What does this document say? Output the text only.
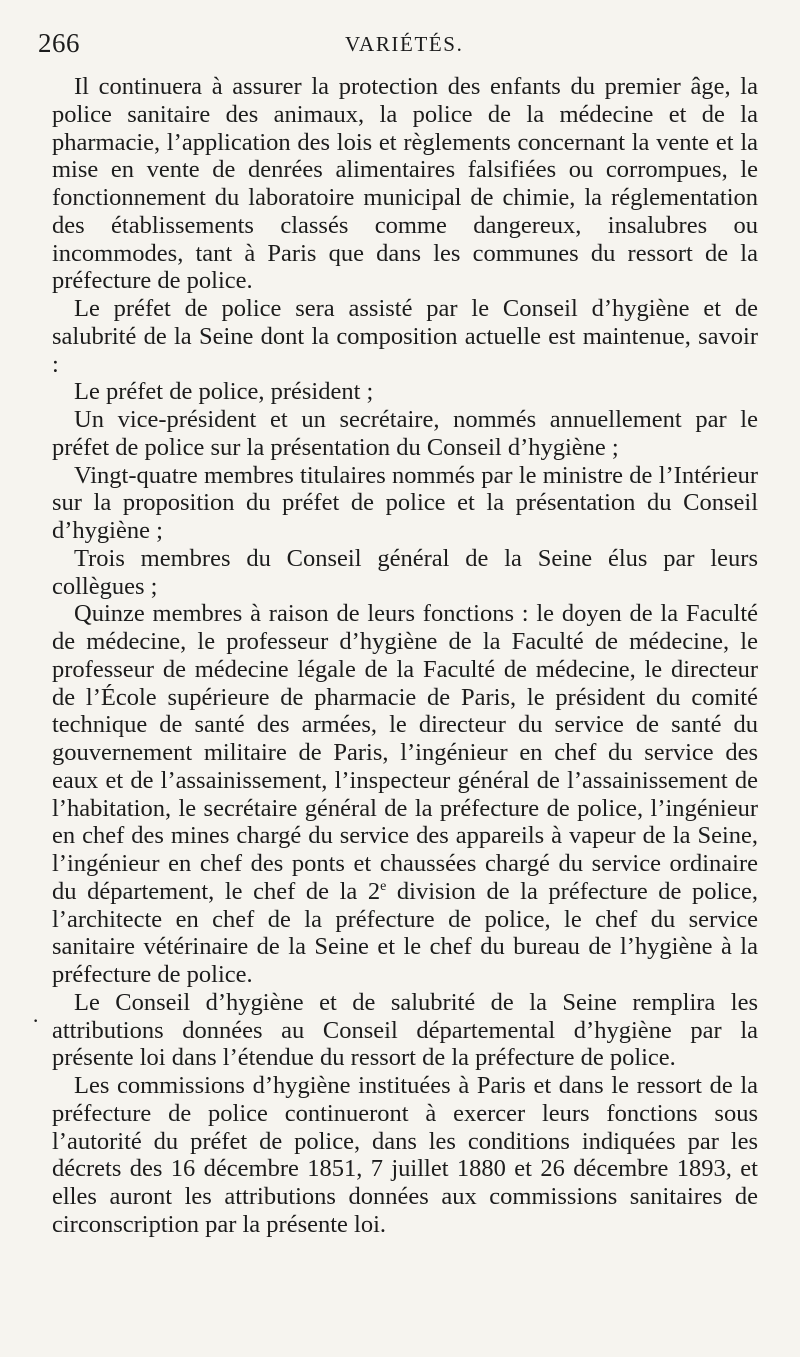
266	VARIÉTÉS.
·

Il continuera à assurer la protection des enfants du premier âge, la police sanitaire des animaux, la police de la médecine et de la pharmacie, l’application des lois et règlements concernant la vente et la mise en vente de denrées alimentaires falsifiées ou corrompues, le fonctionnement du laboratoire municipal de chimie, la réglementation des établissements classés comme dangereux, insalubres ou incommodes, tant à Paris que dans les communes du ressort de la préfecture de police.

Le préfet de police sera assisté par le Conseil d’hygiène et de salubrité de la Seine dont la composition actuelle est maintenue, savoir :

Le préfet de police, président ;

Un vice-président et un secrétaire, nommés annuellement par le préfet de police sur la présentation du Conseil d’hygiène ;

Vingt-quatre membres titulaires nommés par le ministre de l’Intérieur sur la proposition du préfet de police et la présentation du Conseil d’hygiène ;

Trois membres du Conseil général de la Seine élus par leurs collègues ;

Quinze membres à raison de leurs fonctions : le doyen de la Faculté de médecine, le professeur d’hygiène de la Faculté de médecine, le professeur de médecine légale de la Faculté de médecine, le directeur de l’École supérieure de pharmacie de Paris, le président du comité technique de santé des armées, le directeur du service de santé du gouvernement militaire de Paris, l’ingénieur en chef du service des eaux et de l’assainissement, l’inspecteur général de l’assainissement de l’habitation, le secrétaire général de la préfecture de police, l’ingénieur en chef des mines chargé du service des appareils à vapeur de la Seine, l’ingénieur en chef des ponts et chaussées chargé du service ordinaire du département, le chef de la 2e division de la préfecture de police, l’architecte en chef de la préfecture de police, le chef du service sanitaire vétérinaire de la Seine et le chef du bureau de l’hygiène à la préfecture de police.

Le Conseil d’hygiène et de salubrité de la Seine remplira les attributions données au Conseil départemental d’hygiène par la présente loi dans l’étendue du ressort de la préfecture de police.

Les commissions d’hygiène instituées à Paris et dans le ressort de la préfecture de police continueront à exercer leurs fonctions sous l’autorité du préfet de police, dans les conditions indiquées par les décrets des 16 décembre 1851, 7 juillet 1880 et 26 décembre 1893, et elles auront les attributions données aux commissions sanitaires de circonscription par la présente loi.
